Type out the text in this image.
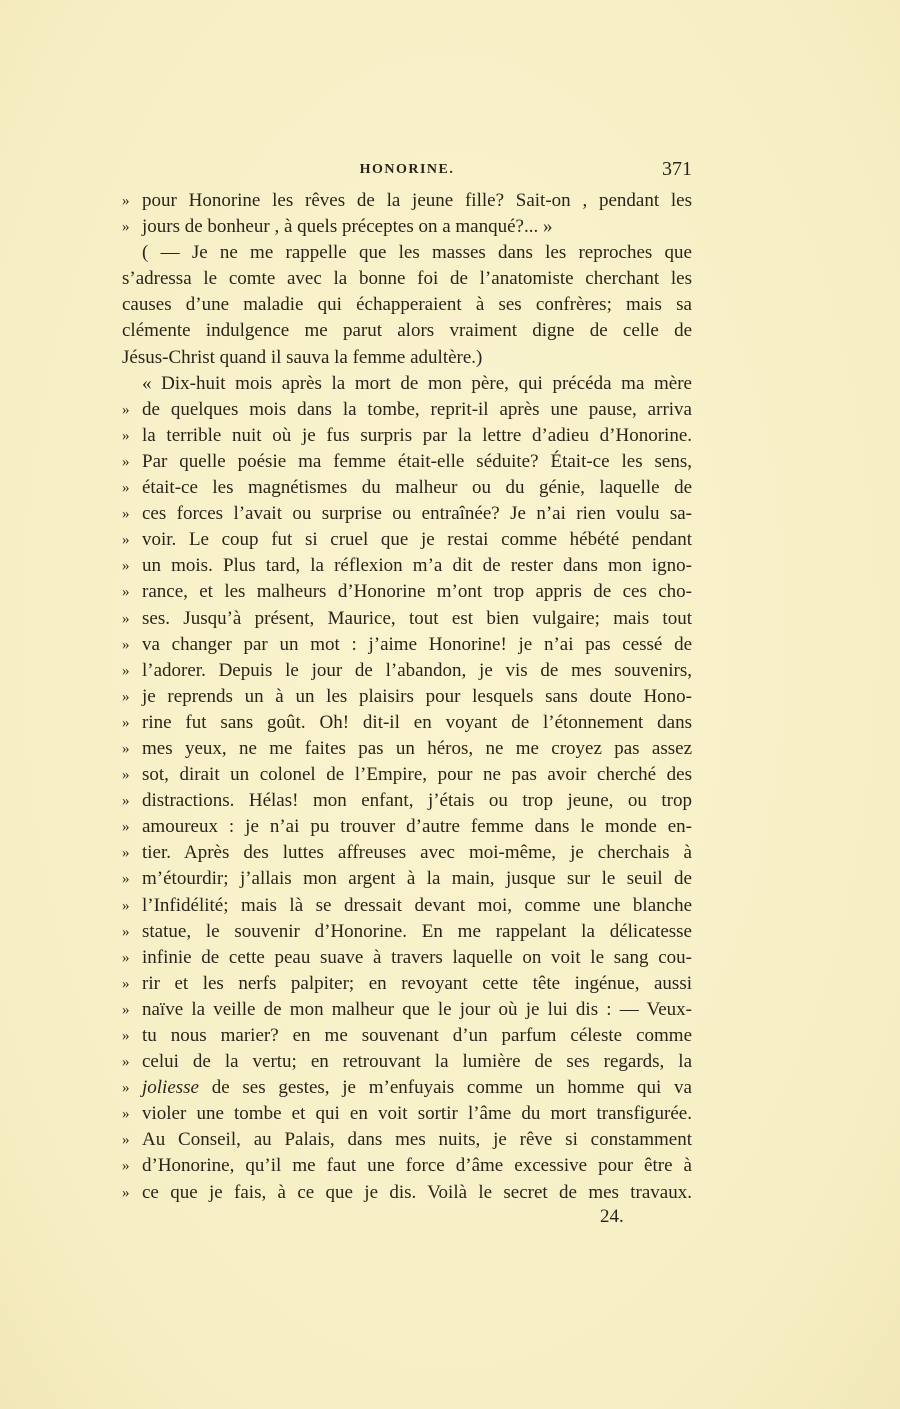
HONORINE.	371
» pour Honorine les rêves de la jeune fille? Sait-on , pendant les
» jours de bonheur , à quels préceptes on a manqué?... »
( — Je ne me rappelle que les masses dans les reproches que
s’adressa le comte avec la bonne foi de l’anatomiste cherchant les
causes d’une maladie qui échapperaient à ses confrères; mais sa
clémente indulgence me parut alors vraiment digne de celle de
Jésus-Christ quand il sauva la femme adultère.)
« Dix-huit mois après la mort de mon père, qui précéda ma mère
» de quelques mois dans la tombe, reprit-il après une pause, arriva
» la terrible nuit où je fus surpris par la lettre d’adieu d’Honorine.
» Par quelle poésie ma femme était-elle séduite? Était-ce les sens,
» était-ce les magnétismes du malheur ou du génie, laquelle de
» ces forces l’avait ou surprise ou entraînée? Je n’ai rien voulu sa-
» voir. Le coup fut si cruel que je restai comme hébété pendant
» un mois. Plus tard, la réflexion m’a dit de rester dans mon igno-
» rance, et les malheurs d’Honorine m’ont trop appris de ces cho-
» ses. Jusqu’à présent, Maurice, tout est bien vulgaire; mais tout
» va changer par un mot : j’aime Honorine! je n’ai pas cessé de
» l’adorer. Depuis le jour de l’abandon, je vis de mes souvenirs,
» je reprends un à un les plaisirs pour lesquels sans doute Hono-
» rine fut sans goût. Oh! dit-il en voyant de l’étonnement dans
» mes yeux, ne me faites pas un héros, ne me croyez pas assez
» sot, dirait un colonel de l’Empire, pour ne pas avoir cherché des
» distractions. Hélas! mon enfant, j’étais ou trop jeune, ou trop
» amoureux : je n’ai pu trouver d’autre femme dans le monde en-
» tier. Après des luttes affreuses avec moi-même, je cherchais à
» m’étourdir; j’allais mon argent à la main, jusque sur le seuil de
» l’Infidélité; mais là se dressait devant moi, comme une blanche
» statue, le souvenir d’Honorine. En me rappelant la délicatesse
» infinie de cette peau suave à travers laquelle on voit le sang cou-
» rir et les nerfs palpiter; en revoyant cette tête ingénue, aussi
» naïve la veille de mon malheur que le jour où je lui dis : — Veux-
» tu nous marier? en me souvenant d’un parfum céleste comme
» celui de la vertu; en retrouvant la lumière de ses regards, la
» joliesse de ses gestes, je m’enfuyais comme un homme qui va
» violer une tombe et qui en voit sortir l’âme du mort transfigurée.
» Au Conseil, au Palais, dans mes nuits, je rêve si constamment
» d’Honorine, qu’il me faut une force d’âme excessive pour être à
» ce que je fais, à ce que je dis. Voilà le secret de mes travaux.
24.
